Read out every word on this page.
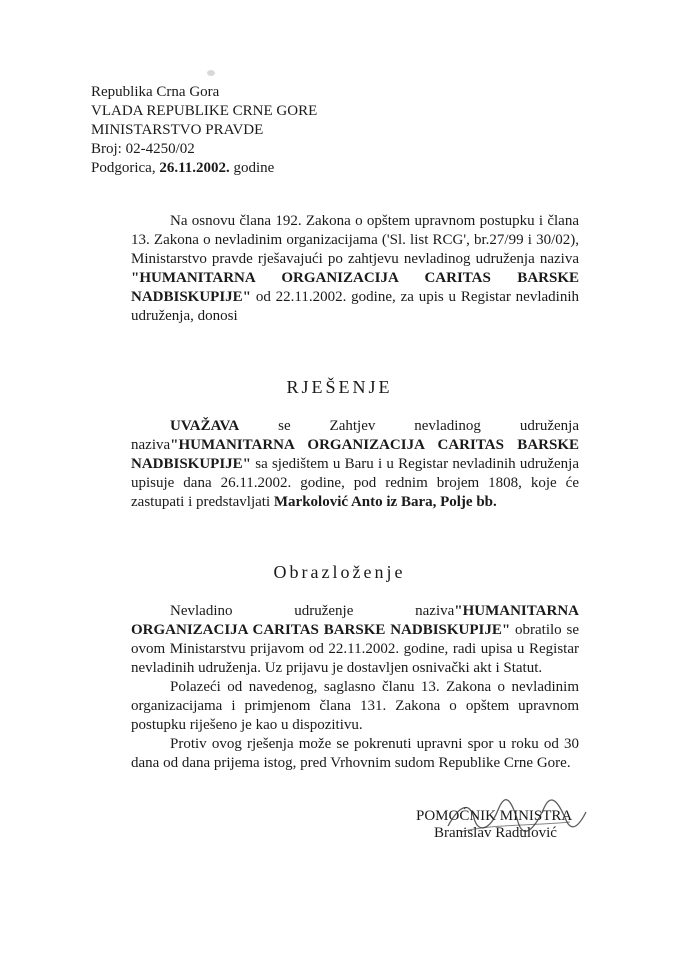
Republika Crna Gora
VLADA REPUBLIKE CRNE GORE
MINISTARSTVO PRAVDE
Broj: 02-4250/02
Podgorica, 26.11.2002. godine
Na osnovu člana 192. Zakona o opštem upravnom postupku i člana 13. Zakona o nevladinim organizacijama ('Sl. list RCG', br.27/99 i 30/02), Ministarstvo pravde rješavajući po zahtjevu nevladinog udruženja naziva "HUMANITARNA ORGANIZACIJA CARITAS BARSKE NADBISKUPIJE" od 22.11.2002. godine, za upis u Registar nevladinih udruženja, donosi
RJEŠENJE
UVAŽAVA se Zahtjev nevladinog udruženja naziva"HUMANITARNA ORGANIZACIJA CARITAS BARSKE NADBISKUPIJE" sa sjedištem u Baru i u Registar nevladinih udruženja upisuje dana 26.11.2002. godine, pod rednim brojem 1808, koje će zastupati i predstavljati Markolović Anto iz Bara, Polje bb.
Obrazloženje
Nevladino udruženje naziva"HUMANITARNA ORGANIZACIJA CARITAS BARSKE NADBISKUPIJE" obratilo se ovom Ministarstvu prijavom od 22.11.2002. godine, radi upisa u Registar nevladinih udruženja. Uz prijavu je dostavljen osnivački akt i Statut.
Polazeći od navedenog, saglasno članu 13. Zakona o nevladinim organizacijama i primjenom člana 131. Zakona o opštem upravnom postupku riješeno je kao u dispozitivu.
Protiv ovog rješenja može se pokrenuti upravni spor u roku od 30 dana od dana prijema istog, pred Vrhovnim sudom Republike Crne Gore.
POMOĆNIK MINISTRA
Branislav Radulović
